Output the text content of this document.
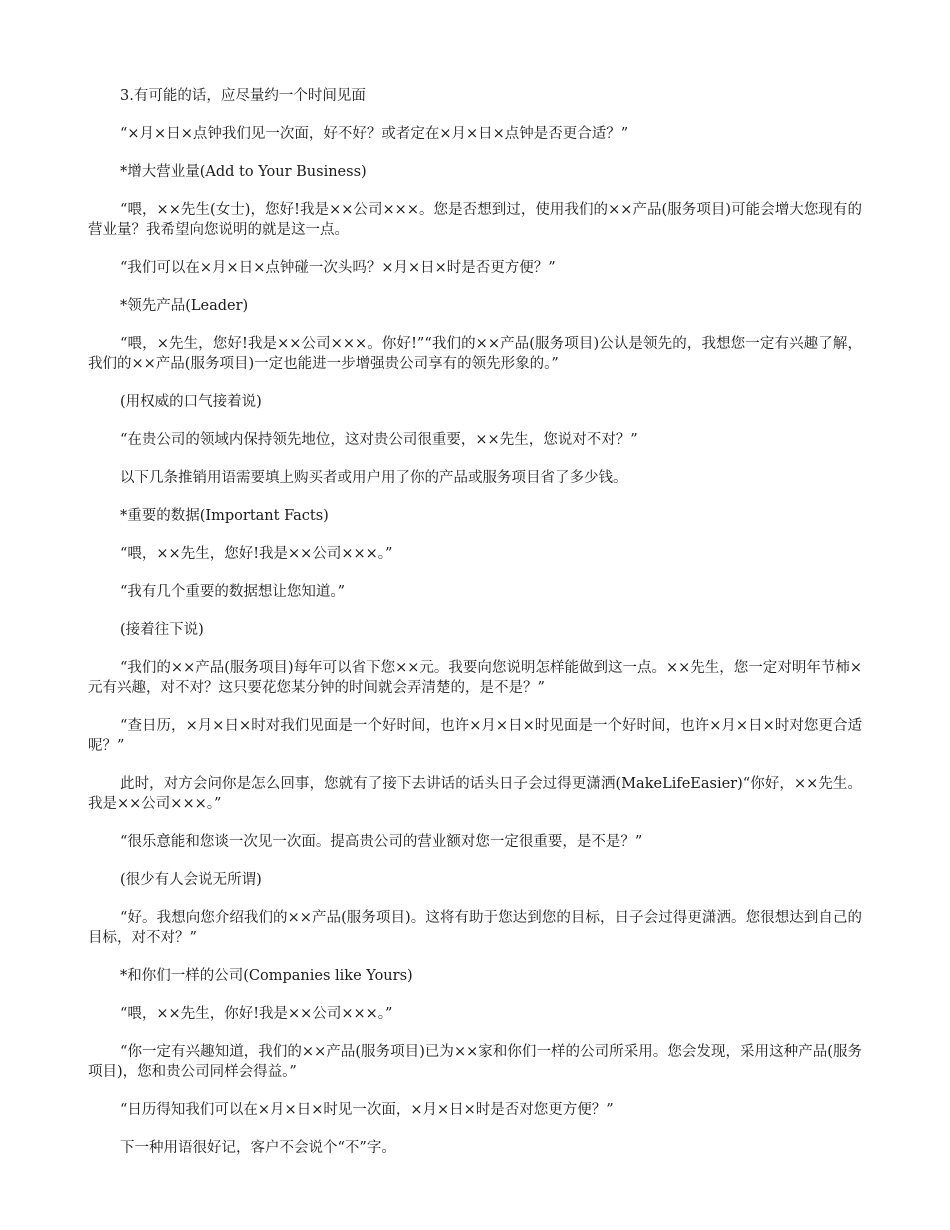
3.有可能的话，应尽量约一个时间见面

“×月×日×点钟我们见一次面，好不好？或者定在×月×日×点钟是否更合适？”

*增大营业量(Add to Your Business)

“喂，××先生(女士)，您好!我是××公司×××。您是否想到过，使用我们的××产品(服务项目)可能会增大您现有的营业量？我希望向您说明的就是这一点。

“我们可以在×月×日×点钟碰一次头吗？×月×日×时是否更方便？”

*领先产品(Leader)

“喂，×先生，您好!我是××公司×××。你好!”“我们的××产品(服务项目)公认是领先的，我想您一定有兴趣了解，我们的××产品(服务项目)一定也能进一步增强贵公司享有的领先形象的。”

(用权威的口气接着说)

“在贵公司的领域内保持领先地位，这对贵公司很重要，××先生，您说对不对？”

以下几条推销用语需要填上购买者或用户用了你的产品或服务项目省了多少钱。

*重要的数据(Important Facts)

“喂，××先生，您好!我是××公司×××。”

“我有几个重要的数据想让您知道。”

(接着往下说)

“我们的××产品(服务项目)每年可以省下您××元。我要向您说明怎样能做到这一点。××先生，您一定对明年节柿×元有兴趣，对不对？这只要花您某分钟的时间就会弄清楚的，是不是？”

“查日历，×月×日×时对我们见面是一个好时间，也许×月×日×时见面是一个好时间，也许×月×日×时对您更合适呢？”

此时，对方会问你是怎么回事，您就有了接下去讲话的话头日子会过得更潇洒(MakeLifeEasier)“你好，××先生。我是××公司×××。”

“很乐意能和您谈一次见一次面。提高贵公司的营业额对您一定很重要，是不是？”

(很少有人会说无所谓)

“好。我想向您介绍我们的××产品(服务项目)。这将有助于您达到您的目标，日子会过得更潇洒。您很想达到自己的目标，对不对？”

*和你们一样的公司(Companies like Yours)

“喂，××先生，你好!我是××公司×××。”

“你一定有兴趣知道，我们的××产品(服务项目)已为××家和你们一样的公司所采用。您会发现，采用这种产品(服务项目)，您和贵公司同样会得益。”

“日历得知我们可以在×月×日×时见一次面，×月×日×时是否对您更方便？”

下一种用语很好记，客户不会说个“不”字。
